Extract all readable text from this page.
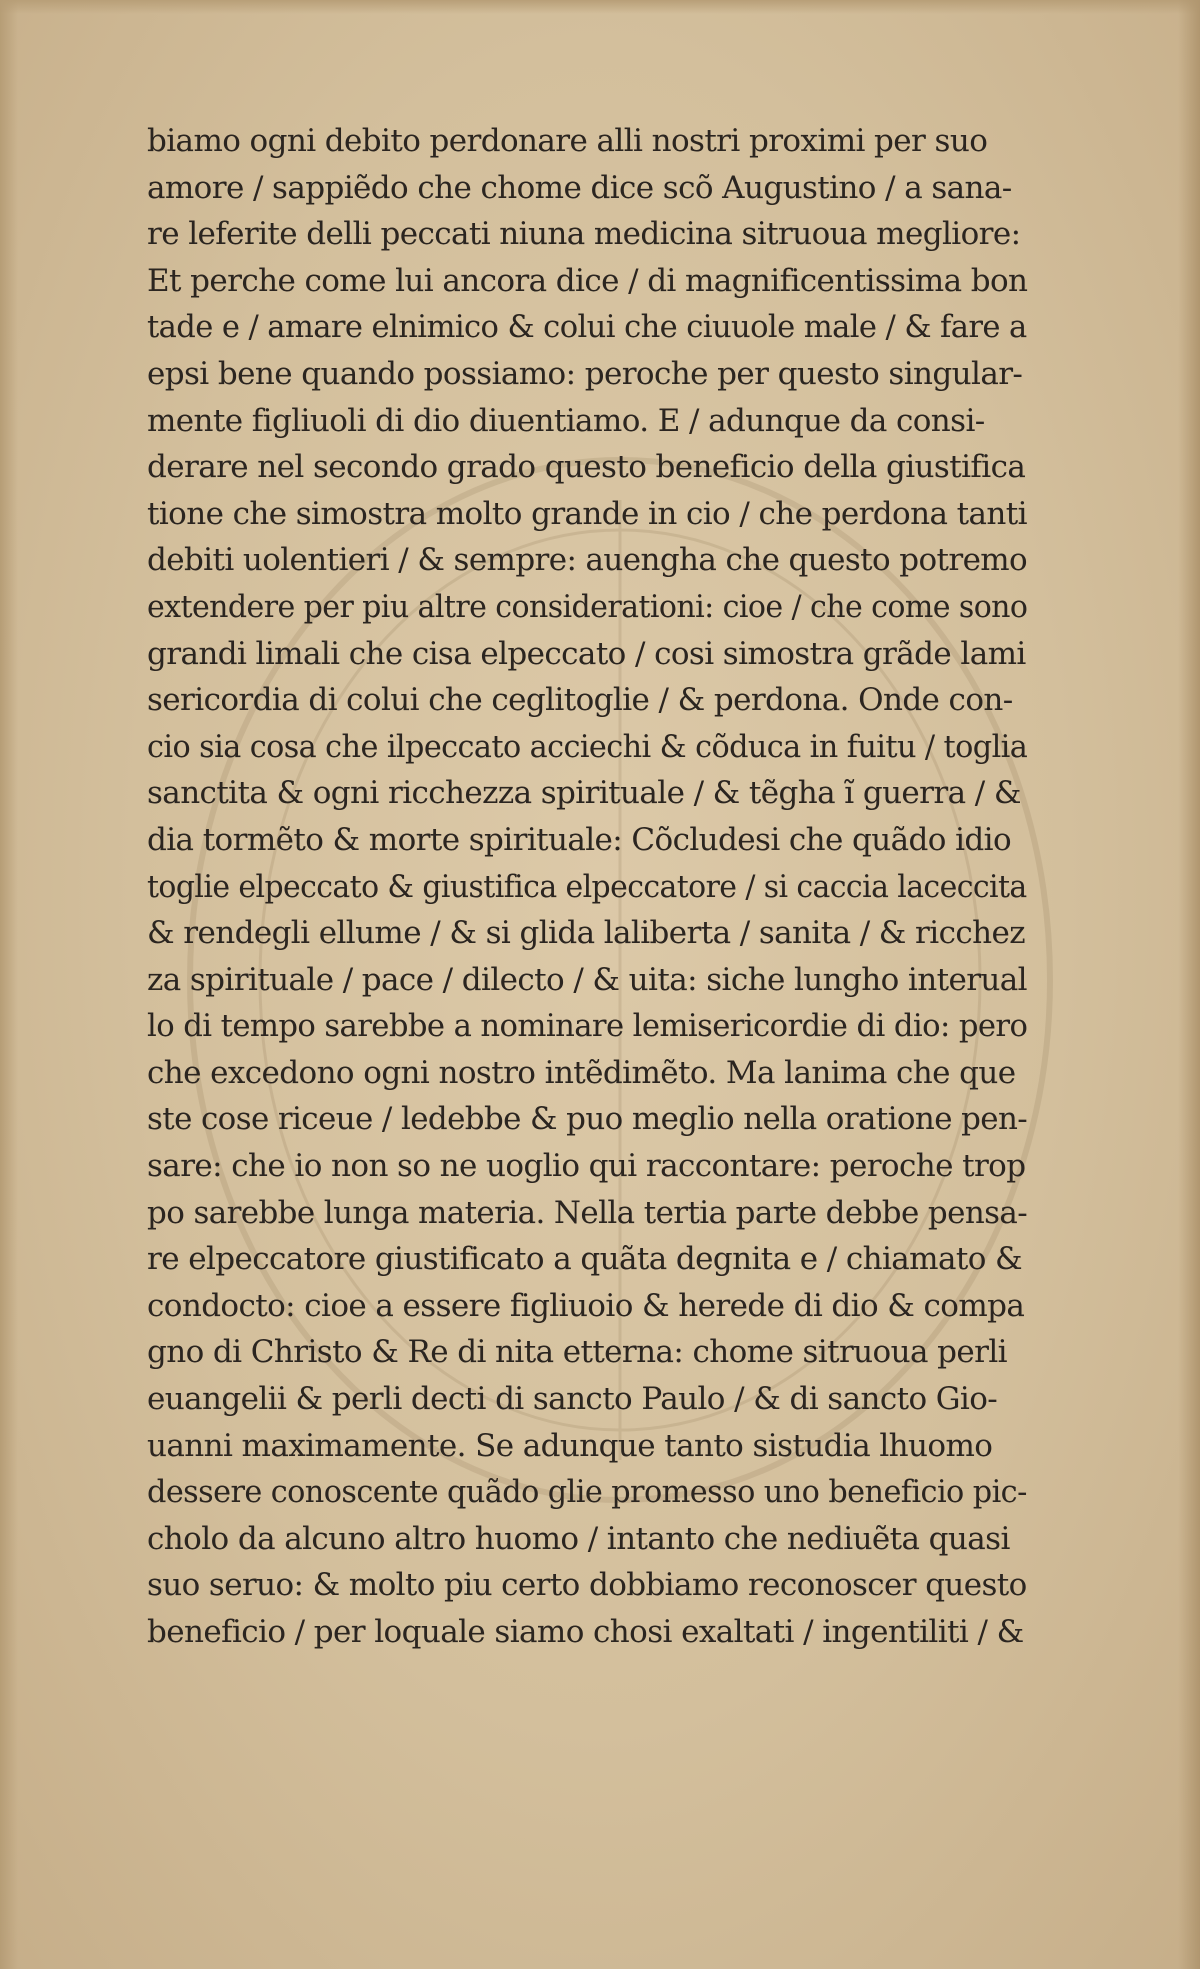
biamo ogni debito perdonare alli nostri proximi per suo
amore / sappiẽdo che chome dice scõ Augustino / a sana-
re leferite delli peccati niuna medicina sitruoua megliore:
Et perche come lui ancora dice / di magnificentissima bon
tade e / amare elnimico & colui che ciuuole male / & fare a
epsi bene quando possiamo: peroche per questo singular-
mente figliuoli di dio diuentiamo. E / adunque da consi-
derare nel secondo grado questo beneficio della giustifica
tione che simostra molto grande in cio / che perdona tanti
debiti uolentieri / & sempre: auengha che questo potremo
extendere per piu altre considerationi: cioe / che come sono
grandi limali che cisa elpeccato / cosi simostra grãde lami
sericordia di colui che ceglitoglie / & perdona. Onde con-
cio sia cosa che ilpeccato acciechi & cõduca in fuitu / toglia
sanctita & ogni ricchezza spirituale / & tẽgha ĩ guerra / &
dia tormẽto & morte spirituale: Cõcludesi che quãdo idio
toglie elpeccato & giustifica elpeccatore / si caccia laceccita
& rendegli ellume / & si glida laliberta / sanita / & ricchez
za spirituale / pace / dilecto / & uita: siche lungho interual
lo di tempo sarebbe a nominare lemisericordie di dio: pero
che excedono ogni nostro intẽdimẽto. Ma lanima che que
ste cose riceue / ledebbe & puo meglio nella oratione pen-
sare: che io non so ne uoglio qui raccontare: peroche trop
po sarebbe lunga materia. Nella tertia parte debbe pensa-
re elpeccatore giustificato a quãta degnita e / chiamato &
condocto: cioe a essere figliuoio & herede di dio & compa
gno di Christo & Re di nita etterna: chome sitruoua perli
euangelii & perli decti di sancto Paulo / & di sancto Gio-
uanni maximamente. Se adunque tanto sistudia lhuomo
dessere conoscente quãdo glie promesso uno beneficio pic-
cholo da alcuno altro huomo / intanto che nediuẽta quasi
suo seruo: & molto piu certo dobbiamo reconoscer questo
beneficio / per loquale siamo chosi exaltati / ingentiliti / &
